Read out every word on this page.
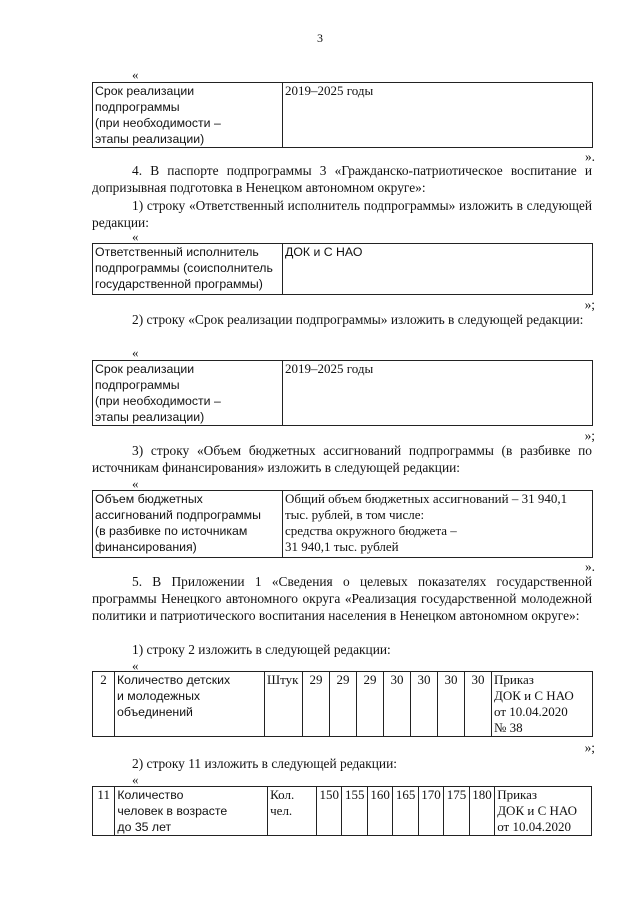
3
«
Срок реализации
подпрограммы
(при необходимости –
этапы реализации)	2019–2025 годы
».
4. В паспорте подпрограммы 3 «Гражданско-патриотическое воспитание и допризывная подготовка в Ненецком автономном округе»:
1) строку «Ответственный исполнитель подпрограммы» изложить в следующей редакции:
«
Ответственный исполнитель
подпрограммы (соисполнитель
государственной программы)	ДОК и С НАО
»;
2) строку «Срок реализации подпрограммы» изложить в следующей редакции:
«
Срок реализации
подпрограммы
(при необходимости –
этапы реализации)	2019–2025 годы
»;
3) строку «Объем бюджетных ассигнований подпрограммы (в разбивке по источникам финансирования» изложить в следующей редакции:
«
Объем бюджетных
ассигнований подпрограммы
(в разбивке по источникам
финансирования)	Общий объем бюджетных ассигнований – 31 940,1
тыс. рублей, в том числе:
средства окружного бюджета –
31 940,1 тыс. рублей
».
5. В Приложении 1 «Сведения о целевых показателях государственной программы Ненецкого автономного округа «Реализация государственной молодежной политики и патриотического воспитания населения в Ненецком автономном округе»:
1) строку 2 изложить в следующей редакции:
«
2	Количество детских
и молодежных
объединений	Штук	29	29	29	30	30	30	30	Приказ
ДОК и С НАО
от 10.04.2020
№ 38
»;
2) строку 11 изложить в следующей редакции:
«
11	Количество
человек в возрасте
до 35 лет	Кол.
чел.	150	155	160	165	170	175	180	Приказ
ДОК и С НАО
от 10.04.2020
